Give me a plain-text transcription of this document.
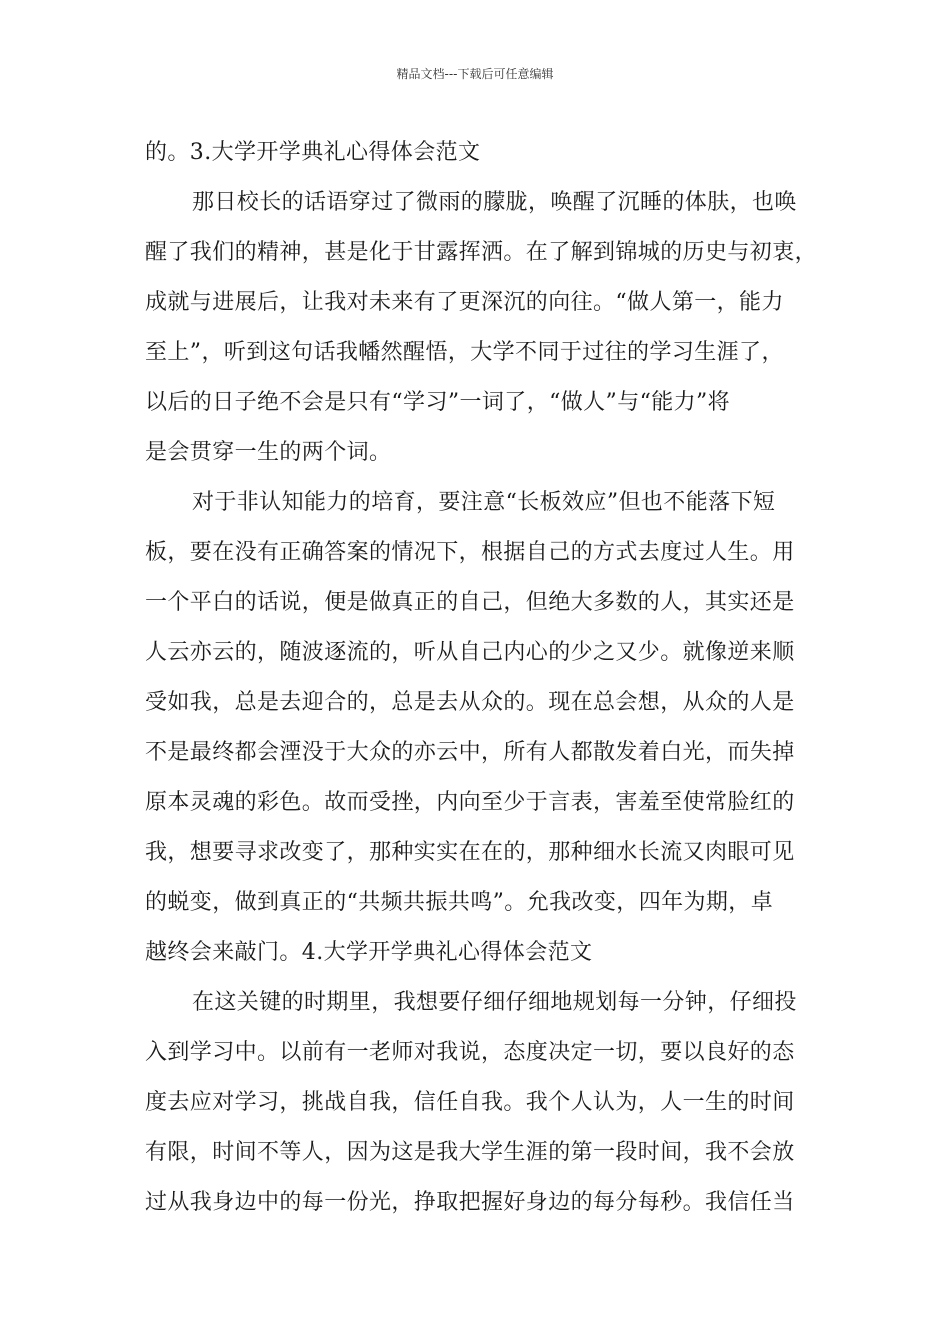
精品文档---下载后可任意编辑
的。3.大学开学典礼心得体会范文
那日校长的话语穿过了微雨的朦胧，唤醒了沉睡的体肤，也唤
醒了我们的精神，甚是化于甘露挥洒。在了解到锦城的历史与初衷，
成就与进展后，让我对未来有了更深沉的向往。“做人第一，能力
至上”，听到这句话我幡然醒悟，大学不同于过往的学习生涯了，
以后的日子绝不会是只有“学习”一词了，“做人”与“能力”将
是会贯穿一生的两个词。
对于非认知能力的培育，要注意“长板效应”但也不能落下短
板，要在没有正确答案的情况下，根据自己的方式去度过人生。用
一个平白的话说，便是做真正的自己，但绝大多数的人，其实还是
人云亦云的，随波逐流的，听从自己内心的少之又少。就像逆来顺
受如我，总是去迎合的，总是去从众的。现在总会想，从众的人是
不是最终都会湮没于大众的亦云中，所有人都散发着白光，而失掉
原本灵魂的彩色。故而受挫，内向至少于言表，害羞至使常脸红的
我，想要寻求改变了，那种实实在在的，那种细水长流又肉眼可见
的蜕变，做到真正的“共频共振共鸣”。允我改变，四年为期，卓
越终会来敲门。4.大学开学典礼心得体会范文
在这关键的时期里，我想要仔细仔细地规划每一分钟，仔细投
入到学习中。以前有一老师对我说，态度决定一切，要以良好的态
度去应对学习，挑战自我，信任自我。我个人认为，人一生的时间
有限，时间不等人，因为这是我大学生涯的第一段时间，我不会放
过从我身边中的每一份光，挣取把握好身边的每分每秒。我信任当
